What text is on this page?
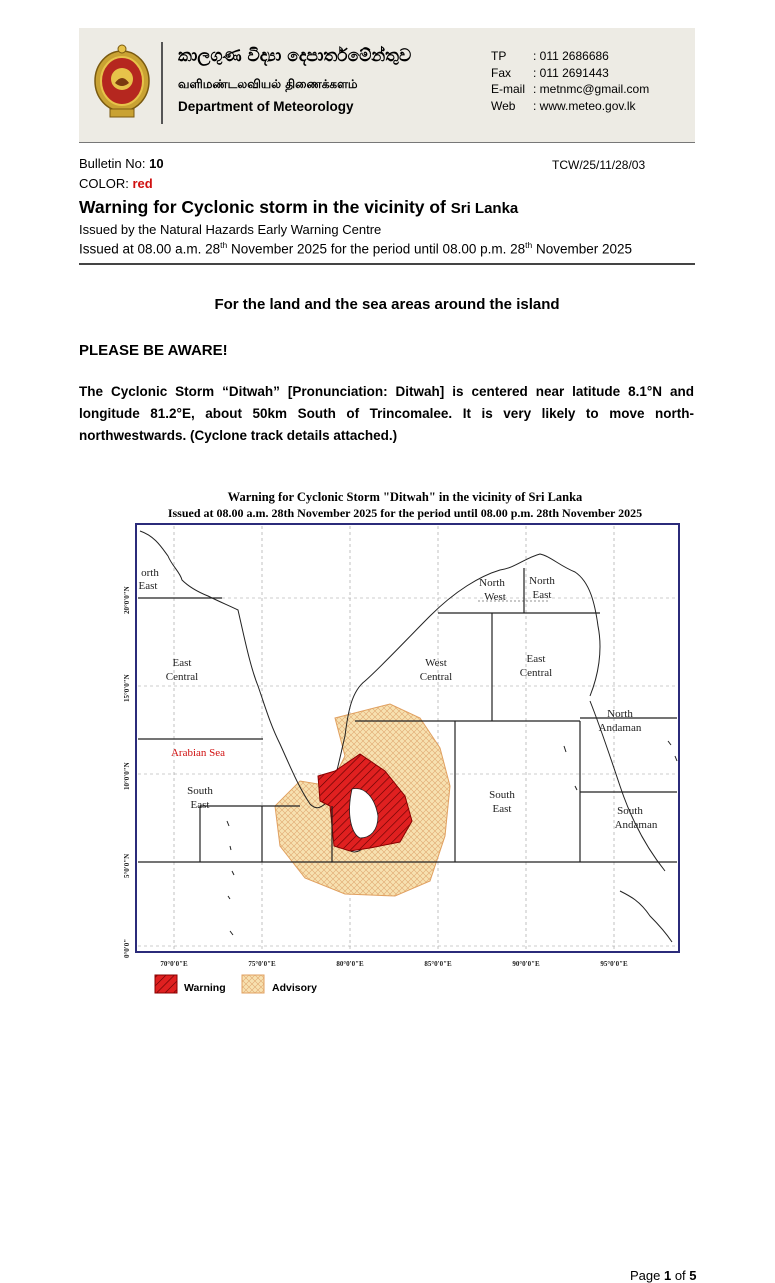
කාලගුණ විද්‍යා දෙපාර්තමේන්තුව
வளிமண்டலவியல் திணைக்களம்
Department of Meteorology
TP	: 011 2686686
Fax	: 011 2691443
E-mail : metnmc@gmail.com
Web	: www.meteo.gov.lk
Bulletin No: 10
COLOR: red
TCW/25/11/28/03
Warning for Cyclonic storm in the vicinity of Sri Lanka
Issued by the Natural Hazards Early Warning Centre
Issued at 08.00 a.m. 28th November 2025 for the period until 08.00 p.m. 28th November 2025
For the land and the sea areas around the island
PLEASE BE AWARE!
The Cyclonic Storm “Ditwah” [Pronunciation: Ditwah] is centered near latitude 8.1°N and longitude 81.2°E, about 50km South of Trincomalee. It is very likely to move north-northwestwards. (Cyclone track details attached.)
Warning for Cyclonic Storm "Ditwah" in the vicinity of Sri Lanka
Issued at 08.00 a.m. 28th November 2025 for the period until 08.00 p.m. 28th November 2025
orth
East
East
Central
Arabian Sea
South
East
North
West
North
East
West
Central
East
Central
North
Andaman
South
East	South
Andaman
20°0'0"N
15°0'0"N
10°0'0"N
5°0'0"N
0°0'0"
70°0'0"E	75°0'0"E	80°0'0"E	85°0'0"E	90°0'0"E	95°0'0"E
Warning	Advisory
Page 1 of 5
